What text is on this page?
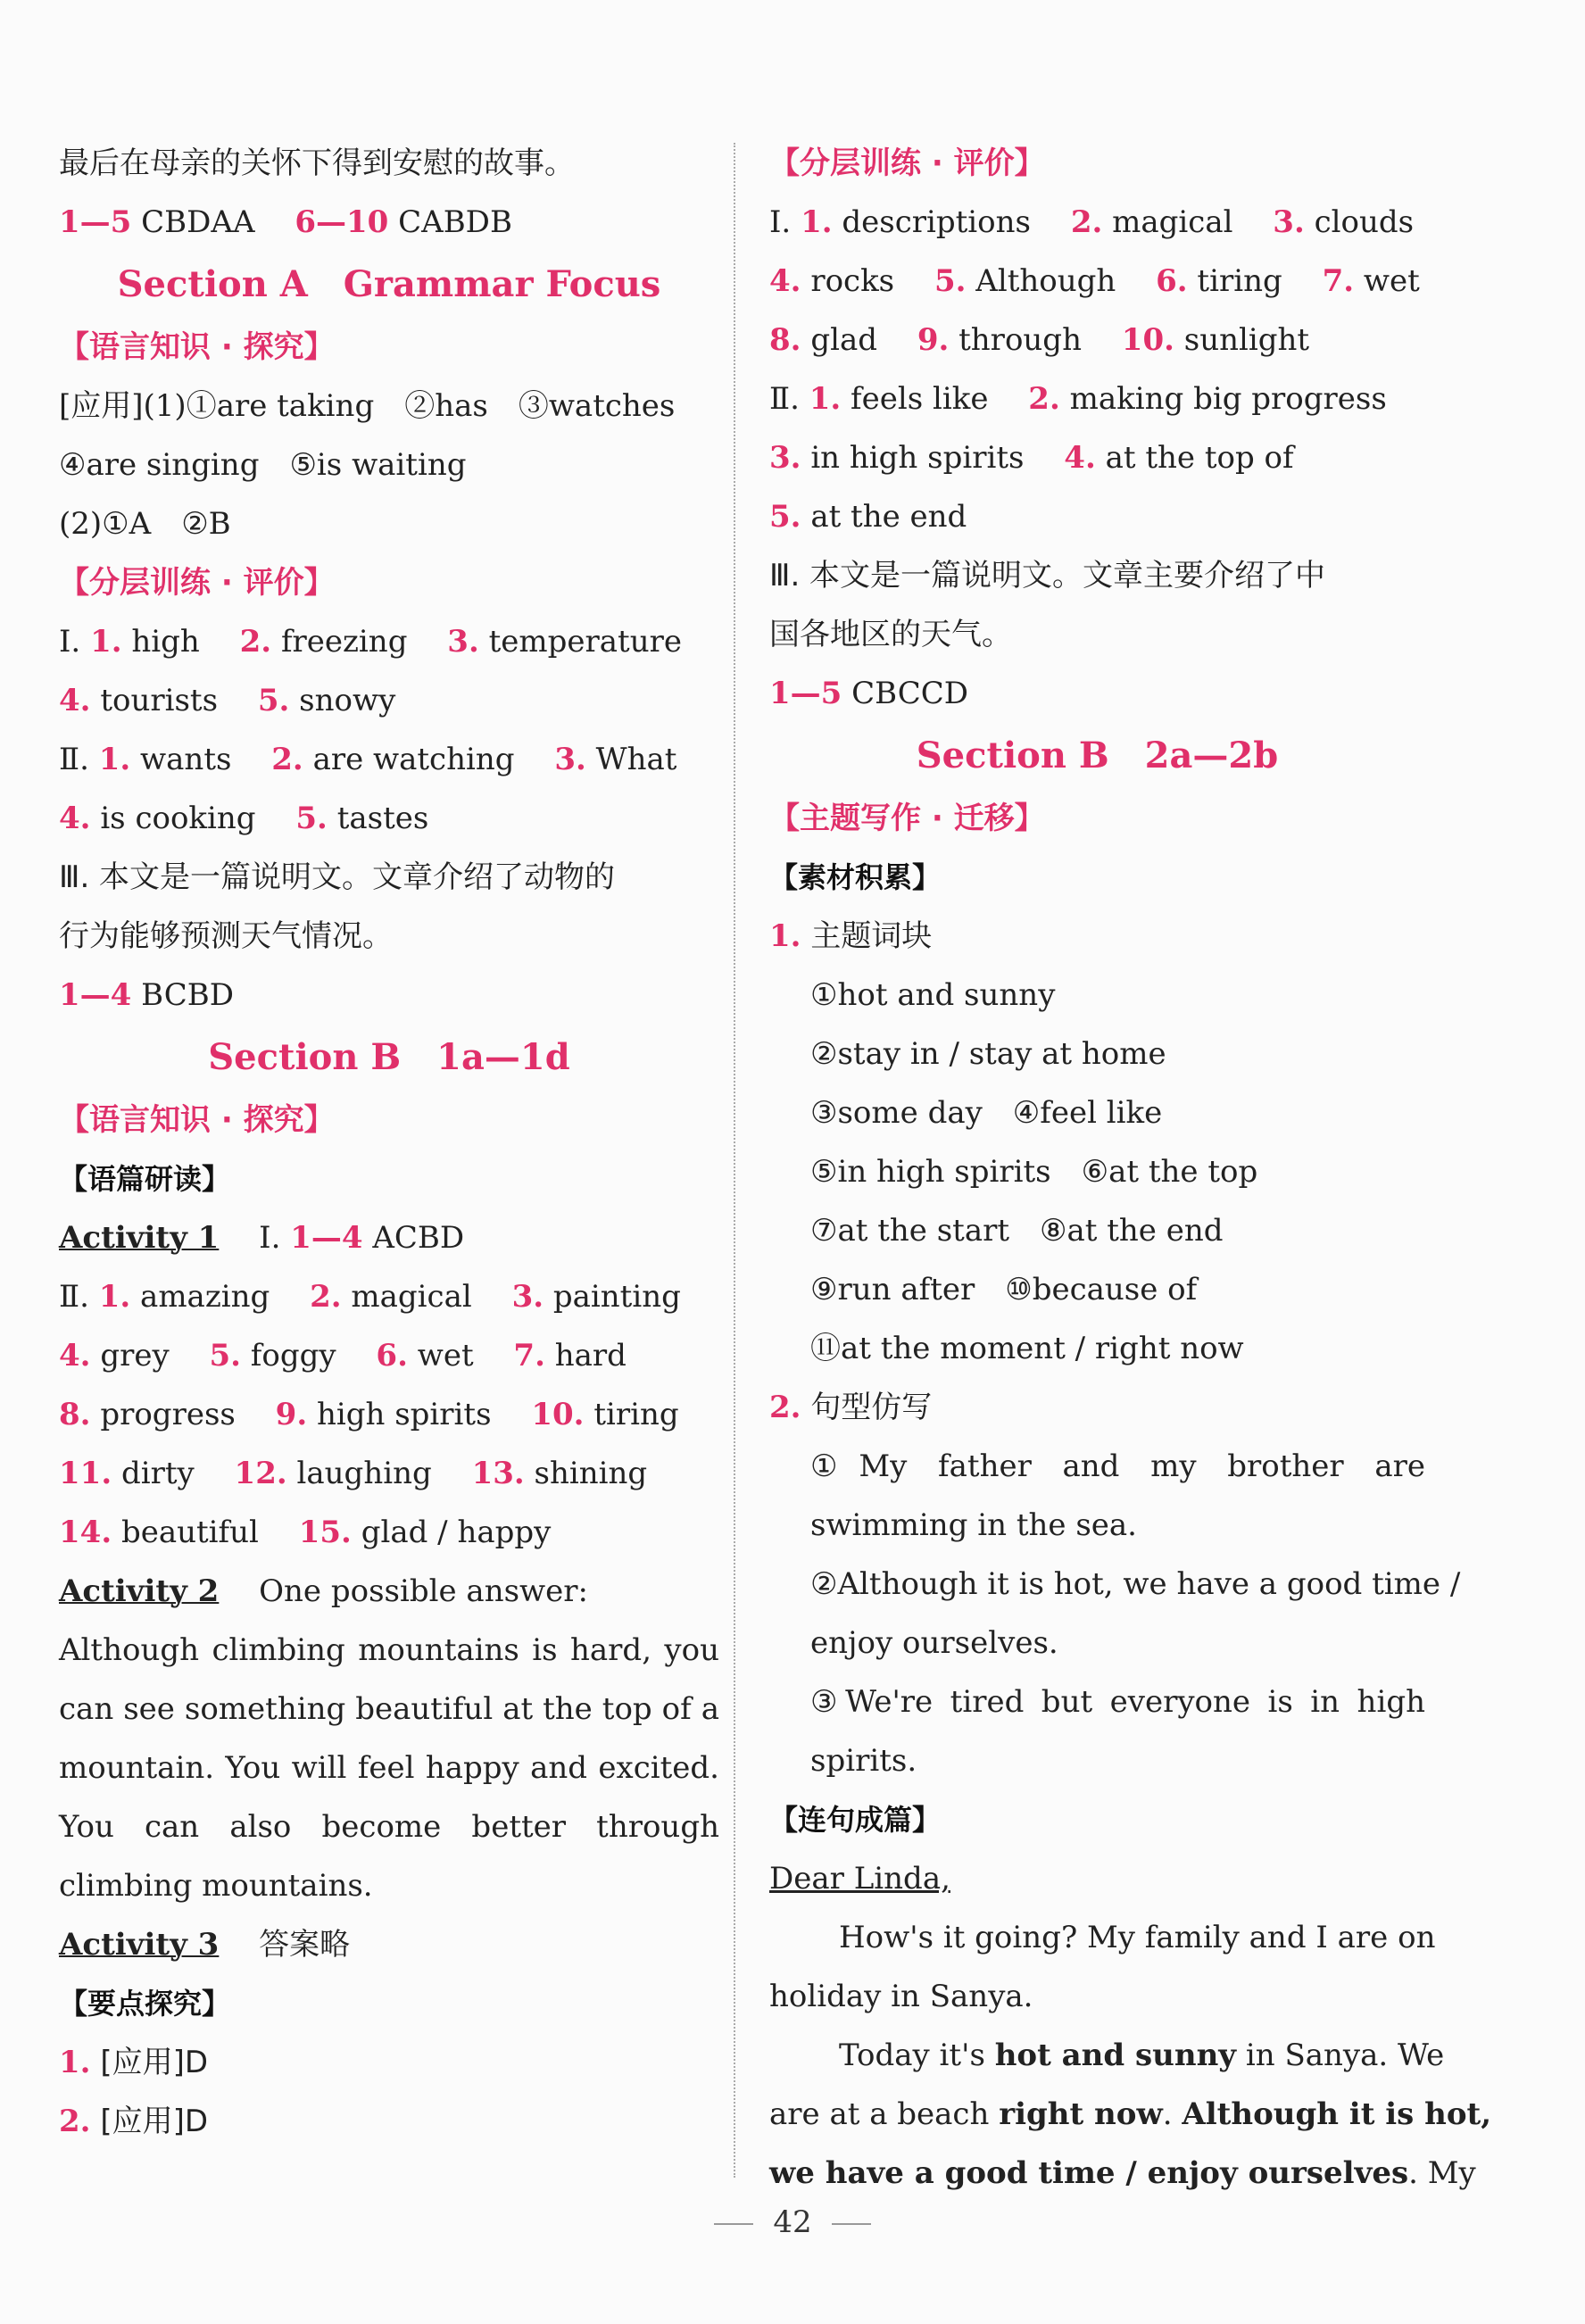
最后在母亲的关怀下得到安慰的故事。
1—5 CBDAA 6—10 CABDB
Section A　Grammar Focus
【语言知识 · 探究】
[应用](1)①are taking　②has　③watches
④are singing　⑤is waiting
(2)①A　②B
【分层训练 · 评价】
Ⅰ. 1. high 2. freezing 3. temperature
4. tourists 5. snowy
Ⅱ. 1. wants 2. are watching 3. What
4. is cooking 5. tastes
Ⅲ. 本文是一篇说明文。文章介绍了动物的
行为能够预测天气情况。
1—4 BCBD
Section B　1a—1d
【语言知识 · 探究】
【语篇研读】
Activity 1 Ⅰ. 1—4 ACBD
Ⅱ. 1. amazing 2. magical 3. painting
4. grey 5. foggy 6. wet 7. hard
8. progress 9. high spirits 10. tiring
11. dirty 12. laughing 13. shining
14. beautiful 15. glad / happy
Activity 2 One possible answer:
Although climbing mountains is hard, you
can see something beautiful at the top of a
mountain. You will feel happy and excited.
You can also become better through
climbing mountains.
Activity 3 答案略
【要点探究】
1. [应用]D
2. [应用]D
【分层训练 · 评价】
Ⅰ. 1. descriptions 2. magical 3. clouds
4. rocks 5. Although 6. tiring 7. wet
8. glad 9. through 10. sunlight
Ⅱ. 1. feels like 2. making big progress
3. in high spirits 4. at the top of
5. at the end
Ⅲ. 本文是一篇说明文。文章主要介绍了中
国各地区的天气。
1—5 CBCCD
Section B　2a—2b
【主题写作 · 迁移】
【素材积累】
1. 主题词块
①hot and sunny
②stay in / stay at home
③some day　④feel like
⑤in high spirits　⑥at the top
⑦at the start　⑧at the end
⑨run after　⑩because of
⑪at the moment / right now
2. 句型仿写
①My father and my brother are
swimming in the sea.
②Although it is hot, we have a good time /
enjoy ourselves.
③We're tired but everyone is in high
spirits.
【连句成篇】
Dear Linda,
How's it going? My family and I are on
holiday in Sanya.
Today it's hot and sunny in Sanya. We
are at a beach right now. Although it is hot,
we have a good time / enjoy ourselves. My
42
